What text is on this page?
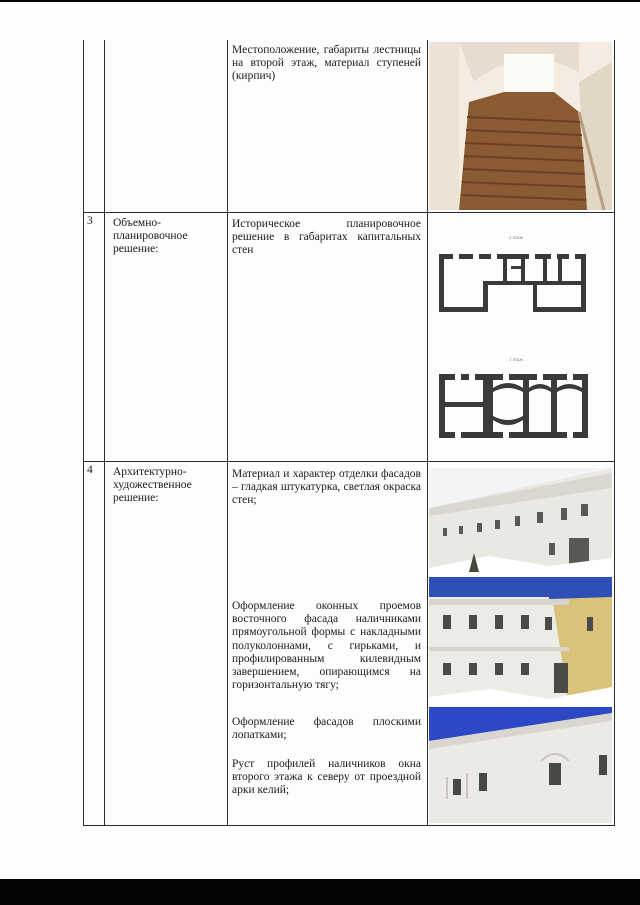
Местоположение, габариты лестницы на второй этаж, материал ступеней (кирпич)
3 Объемно-планировочное решение:
Историческое планировочное решение в габаритах капитальных стен
2 этаж
1 этаж
4 Архитектурно-художественное решение:
Материал и характер отделки фасадов – гладкая штукатурка, светлая окраска стен;
Оформление оконных проемов восточного фасада наличниками прямоугольной формы с накладными полуколоннами, с гирьками, и профилированным килевидным завершением, опирающимся на горизонтальную тягу;
Оформление фасадов плоскими лопатками;
Руст профилей наличников окна второго этажа к северу от проездной арки келий;
